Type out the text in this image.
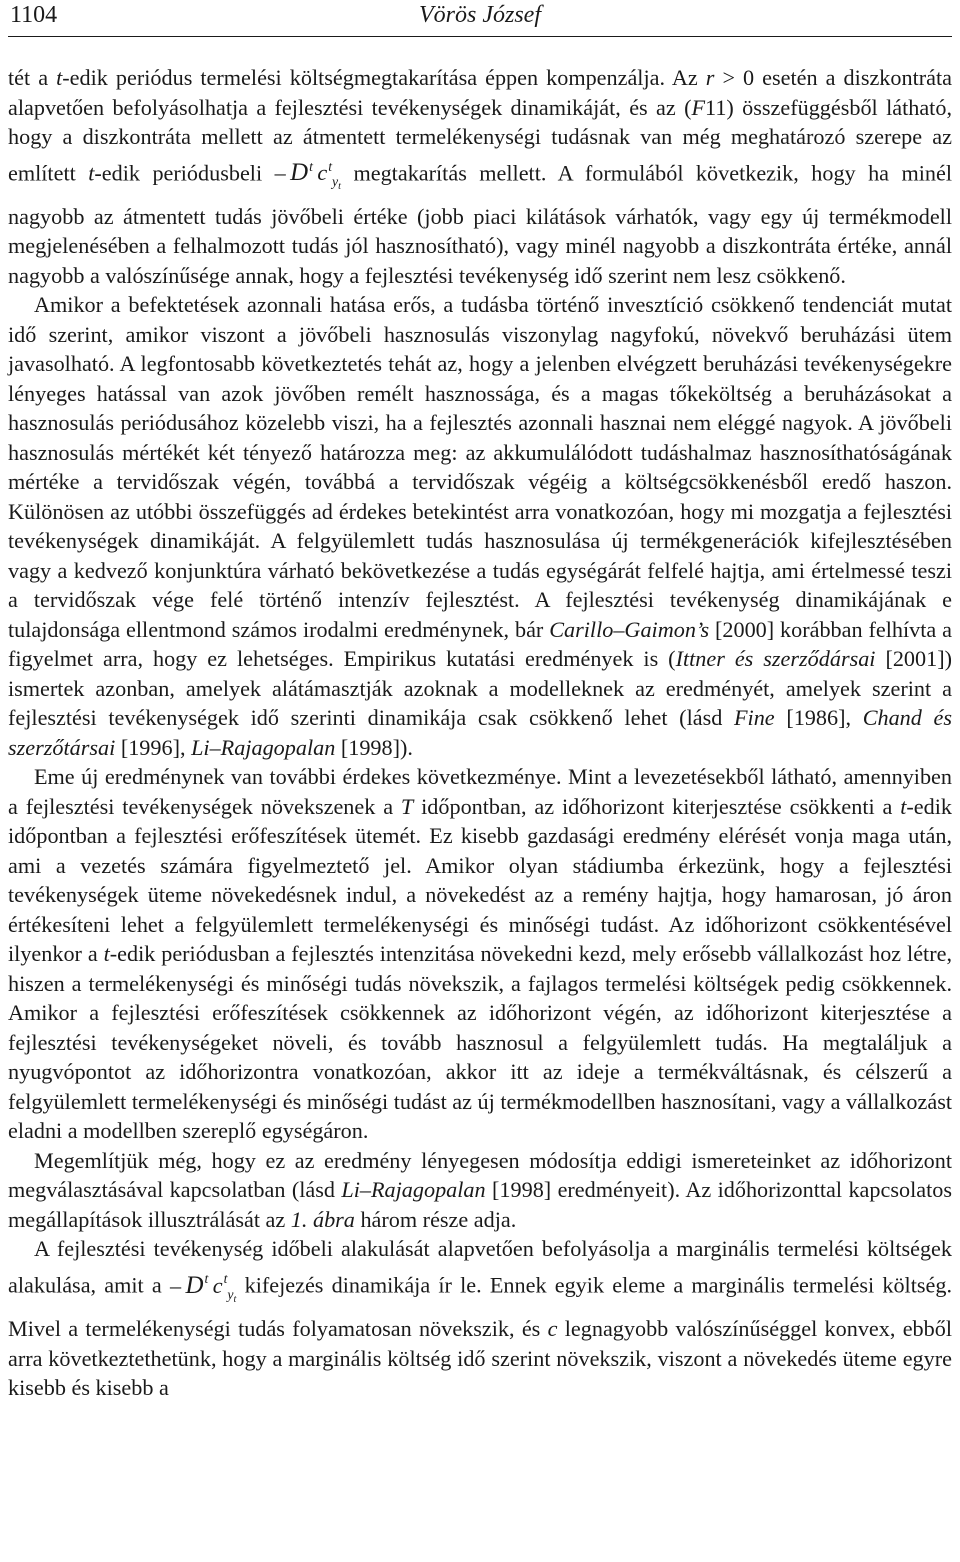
1104	Vörös József

tét a t-edik periódus termelési költségmegtakarítása éppen kompenzálja. Az r > 0 esetén a diszkontráta alapvetően befolyásolhatja a fejlesztési tevékenységek dinamikáját, és az (F11) összefüggésből látható, hogy a diszkontráta mellett az átmentett termelékenységi tudásnak van még meghatározó szerepe az említett t-edik periódusbeli –  $D^t$  $c^t_{y_t}$ megtakarítás mellett. A formulából következik, hogy ha minél nagyobb az átmentett tudás jövőbeli értéke (jobb piaci kilátások várhatók, vagy egy új termékmodell megjelenésében a felhalmozott tudás jól hasznosítható), vagy minél nagyobb a diszkontráta értéke, annál nagyobb a valószínűsége annak, hogy a fejlesztési tevékenység idő szerint nem lesz csökkenő.

Amikor a befektetések azonnali hatása erős, a tudásba történő invesztíció csökkenő tendenciát mutat idő szerint, amikor viszont a jövőbeli hasznosulás viszonylag nagyfokú, növekvő beruházási ütem javasolható. A legfontosabb következtetés tehát az, hogy a jelenben elvégzett beruházási tevékenységekre lényeges hatással van azok jövőben remélt hasznossága, és a magas tőkeköltség a beruházásokat a hasznosulás periódusához közelebb viszi, ha a fejlesztés azonnali hasznai nem eléggé nagyok. A jövőbeli hasznosulás mértékét két tényező határozza meg: az akkumulálódott tudáshalmaz hasznosíthatóságának mértéke a tervidőszak végén, továbbá a tervidőszak végéig a költségcsökkenésből eredő haszon. Különösen az utóbbi összefüggés ad érdekes betekintést arra vonatkozóan, hogy mi mozgatja a fejlesztési tevékenységek dinamikáját. A felgyülemlett tudás hasznosulása új termékgenerációk kifejlesztésében vagy a kedvező konjunktúra várható bekövetkezése a tudás egységárát felfelé hajtja, ami értelmessé teszi a tervidőszak vége felé történő intenzív fejlesztést. A fejlesztési tevékenység dinamikájának e tulajdonsága ellentmond számos irodalmi eredménynek, bár Carillo–Gaimon’s [2000] korábban felhívta a figyelmet arra, hogy ez lehetséges. Empirikus kutatási eredmények is (Ittner és szerződársai [2001]) ismertek azonban, amelyek alátámasztják azoknak a modelleknek az eredményét, amelyek szerint a fejlesztési tevékenységek idő szerinti dinamikája csak csökkenő lehet (lásd Fine [1986], Chand és szerzőtársai [1996], Li–Rajagopalan [1998]).

Eme új eredménynek van további érdekes következménye. Mint a levezetésekből látható, amennyiben a fejlesztési tevékenységek növekszenek a T időpontban, az időhorizont kiterjesztése csökkenti a t-edik időpontban a fejlesztési erőfeszítések ütemét. Ez kisebb gazdasági eredmény elérését vonja maga után, ami a vezetés számára figyelmeztető jel. Amikor olyan stádiumba érkezünk, hogy a fejlesztési tevékenységek üteme növekedésnek indul, a növekedést az a remény hajtja, hogy hamarosan, jó áron értékesíteni lehet a felgyülemlett termelékenységi és minőségi tudást. Az időhorizont csökkentésével ilyenkor a t-edik periódusban a fejlesztés intenzitása növekedni kezd, mely erősebb vállalkozást hoz létre, hiszen a termelékenységi és minőségi tudás növekszik, a fajlagos termelési költségek pedig csökkennek. Amikor a fejlesztési erőfeszítések csökkennek az időhorizont végén, az időhorizont kiterjesztése a fejlesztési tevékenységeket növeli, és tovább hasznosul a felgyülemlett tudás. Ha megtaláljuk a nyugvópontot az időhorizontra vonatkozóan, akkor itt az ideje a termékváltásnak, és célszerű a felgyülemlett termelékenységi és minőségi tudást az új termékmodellben hasznosítani, vagy a vállalkozást eladni a modellben szereplő egységáron.

Megemlítjük még, hogy ez az eredmény lényegesen módosítja eddigi ismereteinket az időhorizont megválasztásával kapcsolatban (lásd Li–Rajagopalan [1998] eredményeit). Az időhorizonttal kapcsolatos megállapítások illusztrálását az 1. ábra három része adja.

A fejlesztési tevékenység időbeli alakulását alapvetően befolyásolja a marginális termelési költségek alakulása, amit a –  $D^t$  $c^t_{y_t}$ kifejezés dinamikája ír le. Ennek egyik eleme a marginális termelési költség. Mivel a termelékenységi tudás folyamatosan növekszik, és c legnagyobb valószínűséggel konvex, ebből arra következtethetünk, hogy a marginális költség idő szerint növekszik, viszont a növekedés üteme egyre kisebb és kisebb a
